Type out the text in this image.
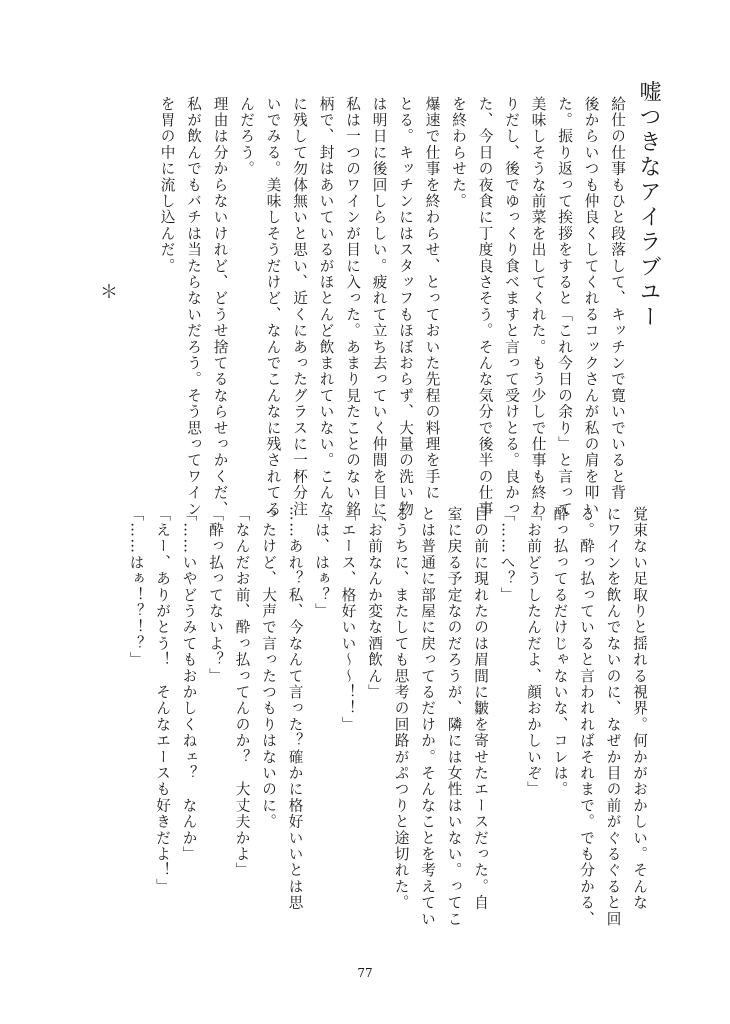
嘘つきなアイラブユー

給仕の仕事もひと段落して、キッチンで寛いでいると背

後からいつも仲良くしてくれるコックさんが私の肩を叩い

た。振り返って挨拶をすると「これ今日の余り」と言って

美味しそうな前菜を出してくれた。もう少しで仕事も終わ

りだし、後でゆっくり食べますと言って受けとる。良かっ

た、今日の夜食に丁度良さそう。そんな気分で後半の仕事

を終わらせた。

爆速で仕事を終わらせ、とっておいた先程の料理を手に

とる。キッチンにはスタッフもほぼおらず、大量の洗い物

は明日に後回しらしい。疲れて立ち去っていく仲間を目に、

私は一つのワインが目に入った。あまり見たことのない銘

柄で、封はあいているがほとんど飲まれていない。こんな

に残して勿体無いと思い、近くにあったグラスに一杯分注

いでみる。美味しそうだけど、なんでこんなに残されてる

んだろう。

理由は分からないけれど、どうせ捨てるならせっかくだ、

私が飲んでもバチは当たらないだろう。そう思ってワイン

を胃の中に流し込んだ。

＊

覚束ない足取りと揺れる視界。何かがおかしい。そんな

にワインを飲んでないのに、なぜか目の前がぐるぐると回

る。酔っ払っていると言われればそれまで。でも分かる、

酔っ払ってるだけじゃないな、コレは。

「お前どうしたんだよ、顔おかしいぞ」

「……へ？」

目の前に現れたのは眉間に皺を寄せたエースだった。自

室に戻る予定なのだろうが、隣には女性はいない。ってこ

とは普通に部屋に戻ってるだけか。そんなことを考えてい

るうちに、またしても思考の回路がぷつりと途切れた。

「お前なんか変な酒飲ん」

「エース、格好いい〜〜！！」

「は、はぁ？」

……あれ？私、今なんて言った？確かに格好いいとは思

ったけど、大声で言ったつもりはないのに。

「なんだお前、酔っ払ってんのか？　大丈夫かよ」

「酔っ払ってないよ？」

「……いやどうみてもおかしくねェ？　なんか」

「えー、ありがとう！　そんなエースも好きだよ！」

「……はぁ！？！？」

77
